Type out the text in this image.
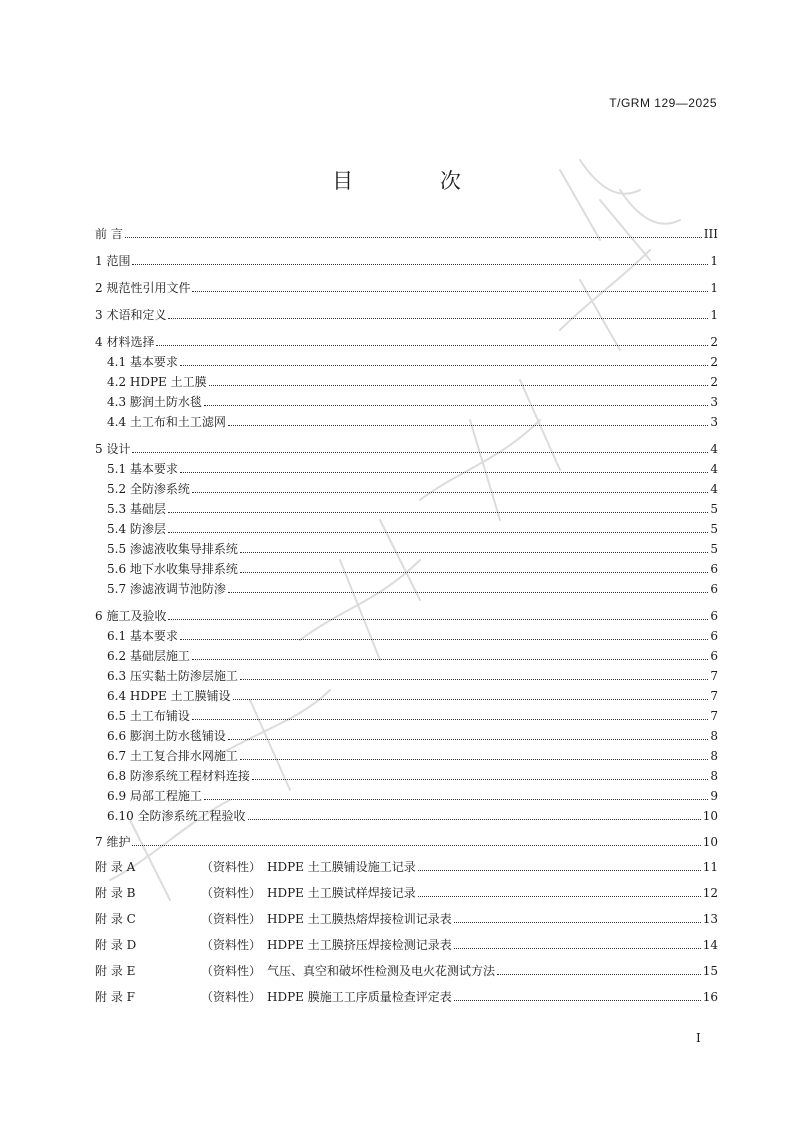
T/GRM 129—2025
目 次
前 言	III
1 范围	1
2 规范性引用文件	1
3 术语和定义	1
4 材料选择	2
4.1 基本要求	2
4.2 HDPE 土工膜	2
4.3 膨润土防水毯	3
4.4 土工布和土工滤网	3
5 设计	4
5.1 基本要求	4
5.2 全防渗系统	4
5.3 基础层	5
5.4 防渗层	5
5.5 渗滤液收集导排系统	5
5.6 地下水收集导排系统	6
5.7 渗滤液调节池防渗	6
6 施工及验收	6
6.1 基本要求	6
6.2 基础层施工	6
6.3 压实黏土防渗层施工	7
6.4 HDPE 土工膜铺设	7
6.5 土工布铺设	7
6.6 膨润土防水毯铺设	8
6.7 土工复合排水网施工	8
6.8 防渗系统工程材料连接	8
6.9 局部工程施工	9
6.10 全防渗系统工程验收	10
7 维护	10
附 录 A	（资料性） HDPE 土工膜铺设施工记录	11
附 录 B	（资料性） HDPE 土工膜试样焊接记录	12
附 录 C	（资料性） HDPE 土工膜热熔焊接检训记录表	13
附 录 D	（资料性） HDPE 土工膜挤压焊接检测记录表	14
附 录 E	（资料性） 气压、真空和破坏性检测及电火花测试方法	15
附 录 F	（资料性） HDPE 膜施工工序质量检查评定表	16
I
